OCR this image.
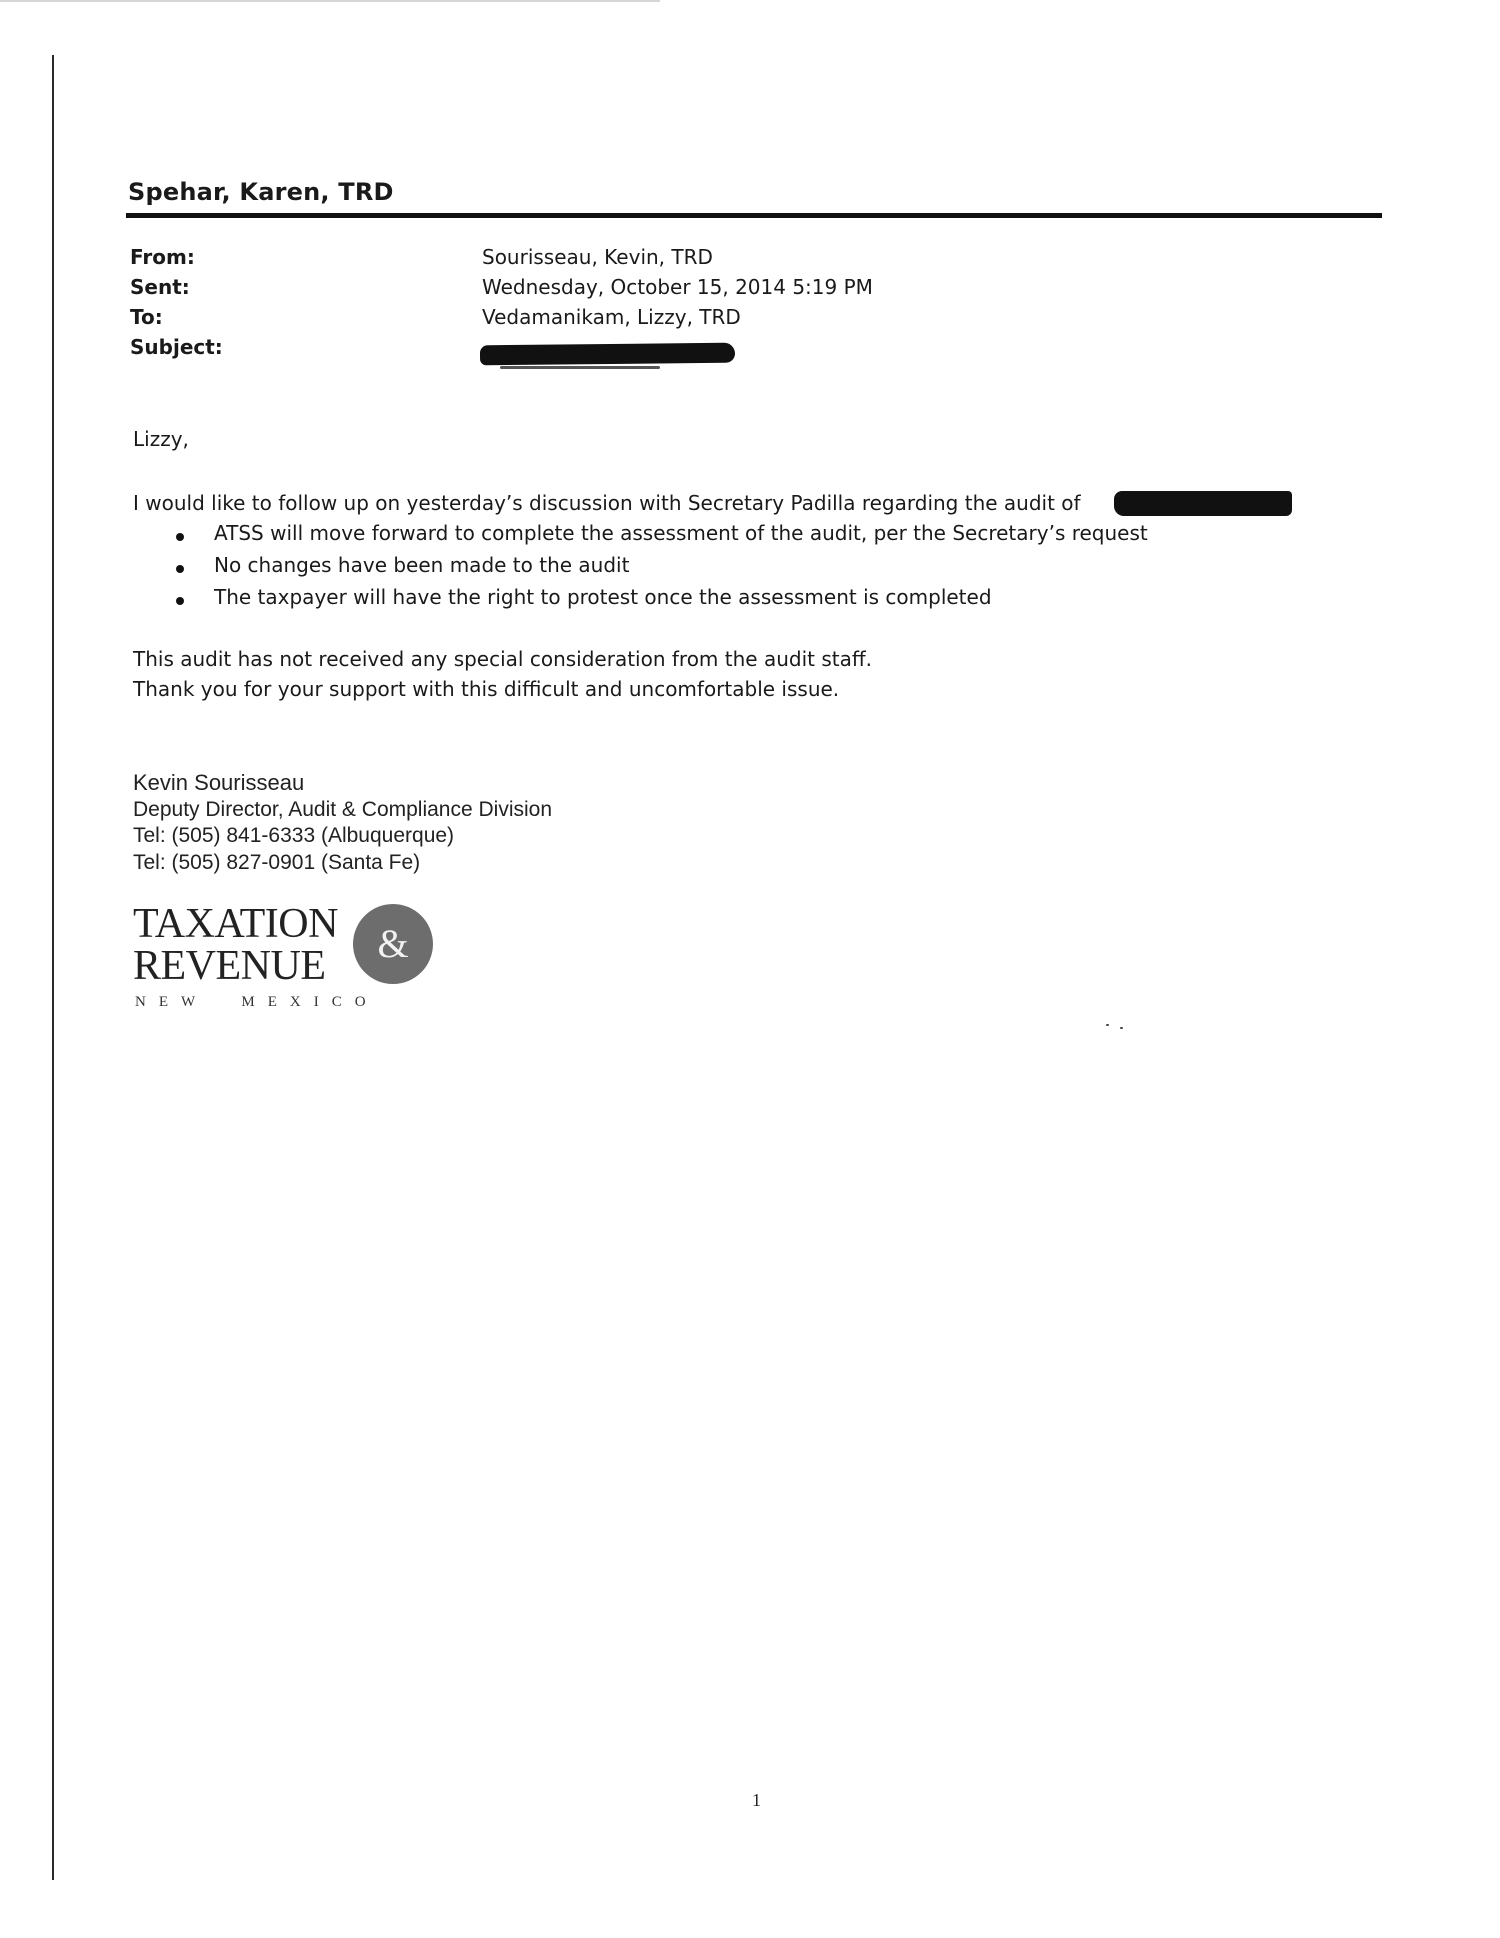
Spehar, Karen, TRD
From:	Sourisseau, Kevin, TRD
Sent:	Wednesday, October 15, 2014 5:19 PM
To:	Vedamanikam, Lizzy, TRD
Subject:
Lizzy,
I would like to follow up on yesterday’s discussion with Secretary Padilla regarding the audit of
ATSS will move forward to complete the assessment of the audit, per the Secretary’s request
No changes have been made to the audit
The taxpayer will have the right to protest once the assessment is completed
This audit has not received any special consideration from the audit staff.
Thank you for your support with this difficult and uncomfortable issue.
Kevin Sourisseau
Deputy Director, Audit & Compliance Division
Tel: (505) 841-6333 (Albuquerque)
Tel: (505) 827-0901 (Santa Fe)
TAXATION
REVENUE	&
NEW  MEXICO
1
